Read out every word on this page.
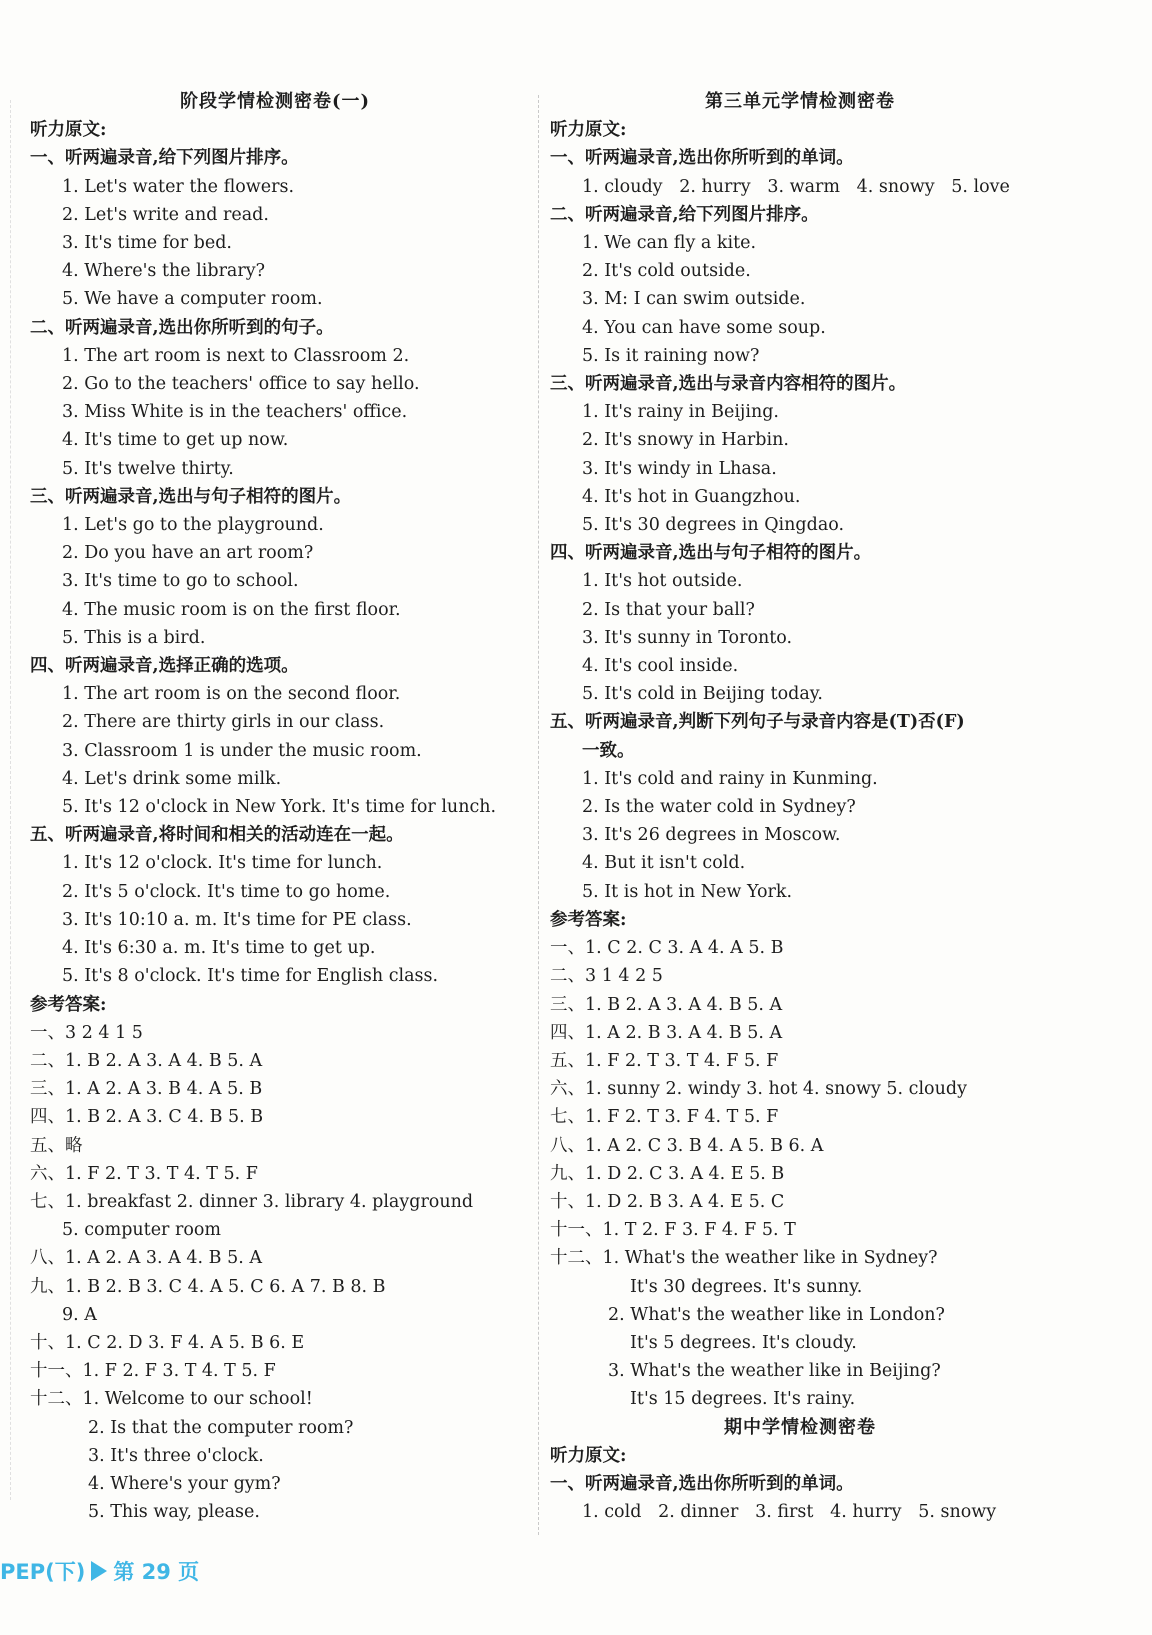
阶段学情检测密卷(一)
听力原文:
一、听两遍录音,给下列图片排序。
1. Let's water the flowers.
2. Let's write and read.
3. It's time for bed.
4. Where's the library?
5. We have a computer room.
二、听两遍录音,选出你所听到的句子。
1. The art room is next to Classroom 2.
2. Go to the teachers' office to say hello.
3. Miss White is in the teachers' office.
4. It's time to get up now.
5. It's twelve thirty.
三、听两遍录音,选出与句子相符的图片。
1. Let's go to the playground.
2. Do you have an art room?
3. It's time to go to school.
4. The music room is on the first floor.
5. This is a bird.
四、听两遍录音,选择正确的选项。
1. The art room is on the second floor.
2. There are thirty girls in our class.
3. Classroom 1 is under the music room.
4. Let's drink some milk.
5. It's 12 o'clock in New York. It's time for lunch.
五、听两遍录音,将时间和相关的活动连在一起。
1. It's 12 o'clock. It's time for lunch.
2. It's 5 o'clock. It's time to go home.
3. It's 10:10 a. m. It's time for PE class.
4. It's 6:30 a. m. It's time to get up.
5. It's 8 o'clock. It's time for English class.
参考答案:
一、3 2 4 1 5
二、1. B 2. A 3. A 4. B 5. A
三、1. A 2. A 3. B 4. A 5. B
四、1. B 2. A 3. C 4. B 5. B
五、略
六、1. F 2. T 3. T 4. T 5. F
七、1. breakfast 2. dinner 3. library 4. playground
5. computer room
八、1. A 2. A 3. A 4. B 5. A
九、1. B 2. B 3. C 4. A 5. C 6. A 7. B 8. B
9. A
十、1. C 2. D 3. F 4. A 5. B 6. E
十一、1. F 2. F 3. T 4. T 5. F
十二、1. Welcome to our school!
2. Is that the computer room?
3. It's three o'clock.
4. Where's your gym?
5. This way, please.
第三单元学情检测密卷
听力原文:
一、听两遍录音,选出你所听到的单词。
1. cloudy   2. hurry   3. warm   4. snowy   5. love
二、听两遍录音,给下列图片排序。
1. We can fly a kite.
2. It's cold outside.
3. M: I can swim outside.
4. You can have some soup.
5. Is it raining now?
三、听两遍录音,选出与录音内容相符的图片。
1. It's rainy in Beijing.
2. It's snowy in Harbin.
3. It's windy in Lhasa.
4. It's hot in Guangzhou.
5. It's 30 degrees in Qingdao.
四、听两遍录音,选出与句子相符的图片。
1. It's hot outside.
2. Is that your ball?
3. It's sunny in Toronto.
4. It's cool inside.
5. It's cold in Beijing today.
五、听两遍录音,判断下列句子与录音内容是(T)否(F)
一致。
1. It's cold and rainy in Kunming.
2. Is the water cold in Sydney?
3. It's 26 degrees in Moscow.
4. But it isn't cold.
5. It is hot in New York.
参考答案:
一、1. C 2. C 3. A 4. A 5. B
二、3 1 4 2 5
三、1. B 2. A 3. A 4. B 5. A
四、1. A 2. B 3. A 4. B 5. A
五、1. F 2. T 3. T 4. F 5. F
六、1. sunny 2. windy 3. hot 4. snowy 5. cloudy
七、1. F 2. T 3. F 4. T 5. F
八、1. A 2. C 3. B 4. A 5. B 6. A
九、1. D 2. C 3. A 4. E 5. B
十、1. D 2. B 3. A 4. E 5. C
十一、1. T 2. F 3. F 4. F 5. T
十二、1. What's the weather like in Sydney?
It's 30 degrees. It's sunny.
2. What's the weather like in London?
It's 5 degrees. It's cloudy.
3. What's the weather like in Beijing?
It's 15 degrees. It's rainy.
期中学情检测密卷
听力原文:
一、听两遍录音,选出你所听到的单词。
1. cold   2. dinner   3. first   4. hurry   5. snowy
PEP(下) 第 29 页
